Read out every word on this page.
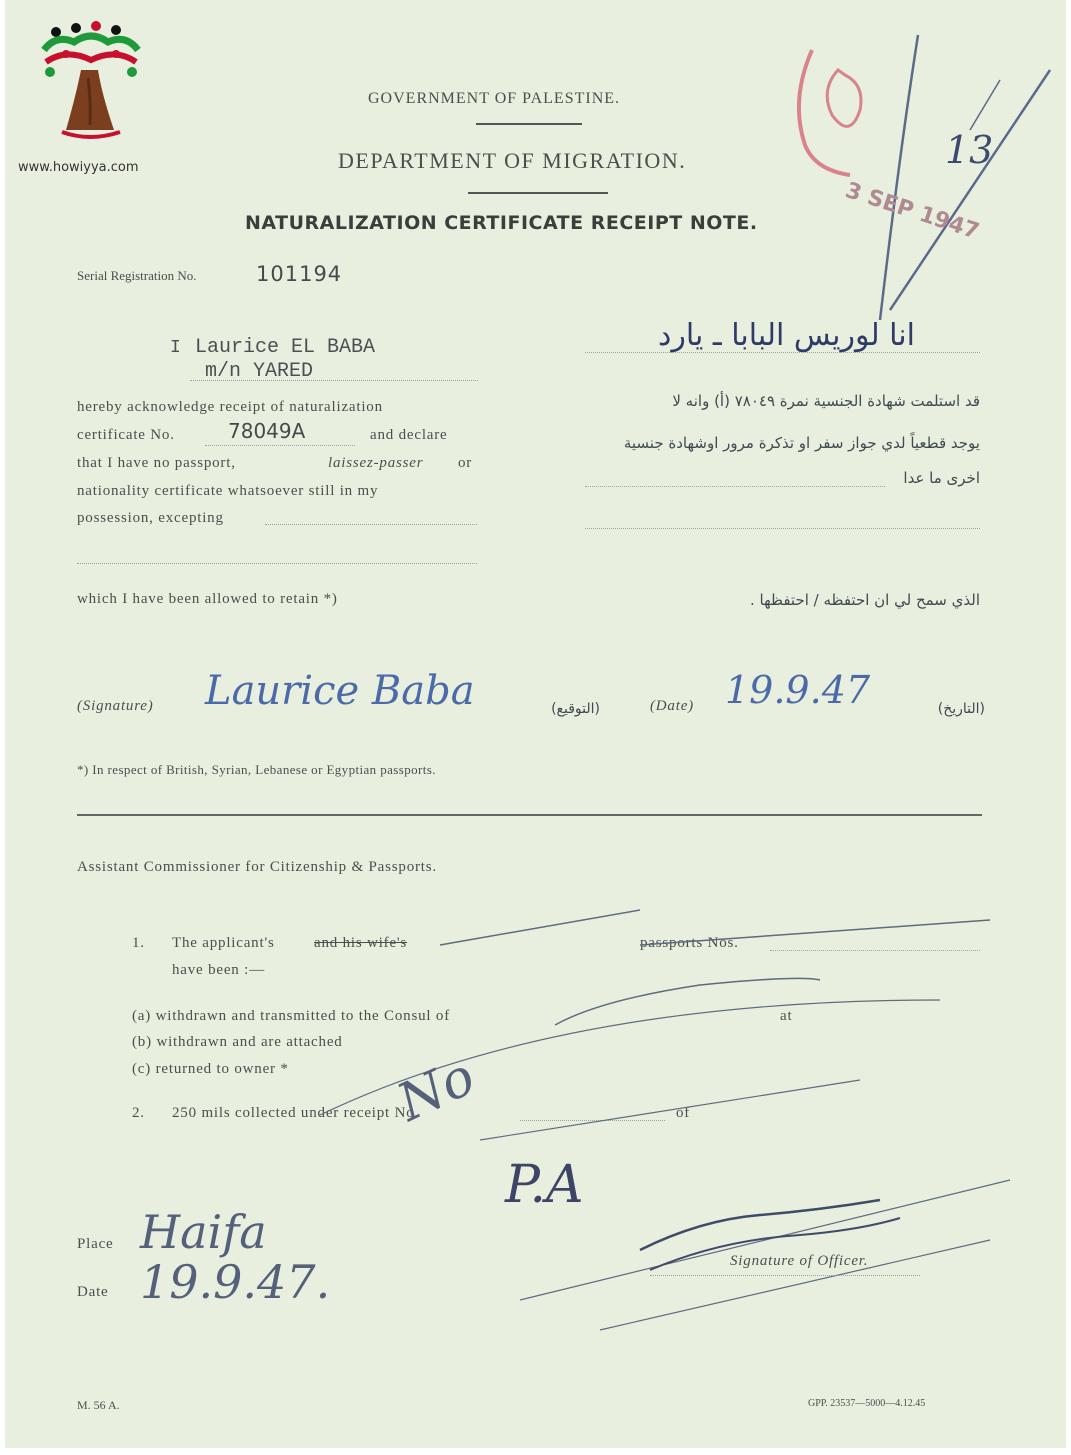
www.howiyya.com
GOVERNMENT OF PALESTINE.
DEPARTMENT OF MIGRATION.
NATURALIZATION CERTIFICATE RECEIPT NOTE.
13
3 SEP 1947
Serial Registration No.	101194
I Laurice EL BABA
m/n YARED
hereby acknowledge receipt of naturalization
certificate No.	78049A	and declare
that I have no passport,	laissez-passer or
nationality certificate whatsoever still in my
possession, excepting
which I have been allowed to retain *)
انا لوريس البابا ـ يارد
قد استلمت شهادة الجنسية نمرة ٧٨٠٤٩ (أ) وانه لا
يوجد قطعياً لدي جواز سفر او تذكرة مرور اوشهادة جنسية
اخرى ما عدا
الذي سمح لي ان احتفظه / احتفظها .
(Signature) Laurice Baba	(التوقيع)	(Date) 19.9.47	(التاريخ)
*) In respect of British, Syrian, Lebanese or Egyptian passports.
Assistant Commissioner for Citizenship & Passports.
1. The applicant's	and his wife's	passports Nos.
have been :—
(a) withdrawn and transmitted to the Consul of	at
(b) withdrawn and are attached
(c) returned to owner *
2. 250 mils collected under receipt No.	of
No
P.A
Place Haifa
Date 19.9.47.	Signature of Officer.
M. 56 A.	GPP. 23537—5000—4.12.45
